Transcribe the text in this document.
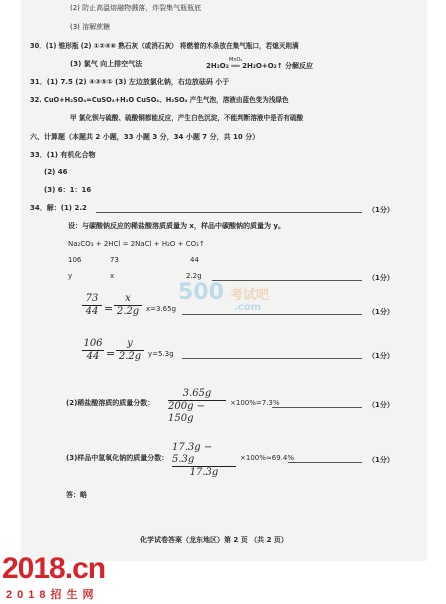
(2) 防止高温熔融物溅落，炸裂集气瓶瓶底
(3) 溶解蔗糖
30．(1) 锥形瓶 (2) ①②④⑥ 熟石灰（或消石灰） 将燃着的木条放在集气瓶口，若熄灭则满
(3) 氯气 向上排空气法	MnO₂
2H₂O₂ ══ 2H₂O+O₂↑ 分解反应
31．(1) 7.5 (2) ④③⑤① (3) 左边放氯化钠，右边放砝码 小于
32. CuO+H₂SO₄=CuSO₄+H₂O CuSO₄、H₂SO₄ 产生气泡，溶液由蓝色变为浅绿色
甲 氯化钡与硫酸、硫酸铜都能反应，产生白色沉淀，不能判断溶液中是否有硫酸
六、计算题（本题共 2 小题，33 小题 3 分，34 小题 7 分，共 10 分）
33．(1) 有机化合物
(2) 46
(3) 6：1：16
34．解：(1) 2.2	（1分）
设：与碳酸钠反应的稀盐酸溶质质量为 x，样品中碳酸钠的质量为 y。
Na₂CO₃ + 2HCl = 2NaCl + H₂O + CO₂↑
106	73	44
y	x	2.2g	（1分）
73
44 =
x
2.2g x=3.65g	（1分）
106
44 =
y
2.2g y=5.3g	（1分）
(2)稀盐酸溶质的质量分数：
3.65g
200g − 150g
×100%=7.3%	（1分）
(3)样品中氢氧化钠的质量分数：
17.3g − 5.3g
17.3g
×100%≈69.4%	（1分）
答：略
化学试卷答案（龙东地区）第 2 页 （共 2 页）
500 考试吧
.com
2018.cn
2018招生网
